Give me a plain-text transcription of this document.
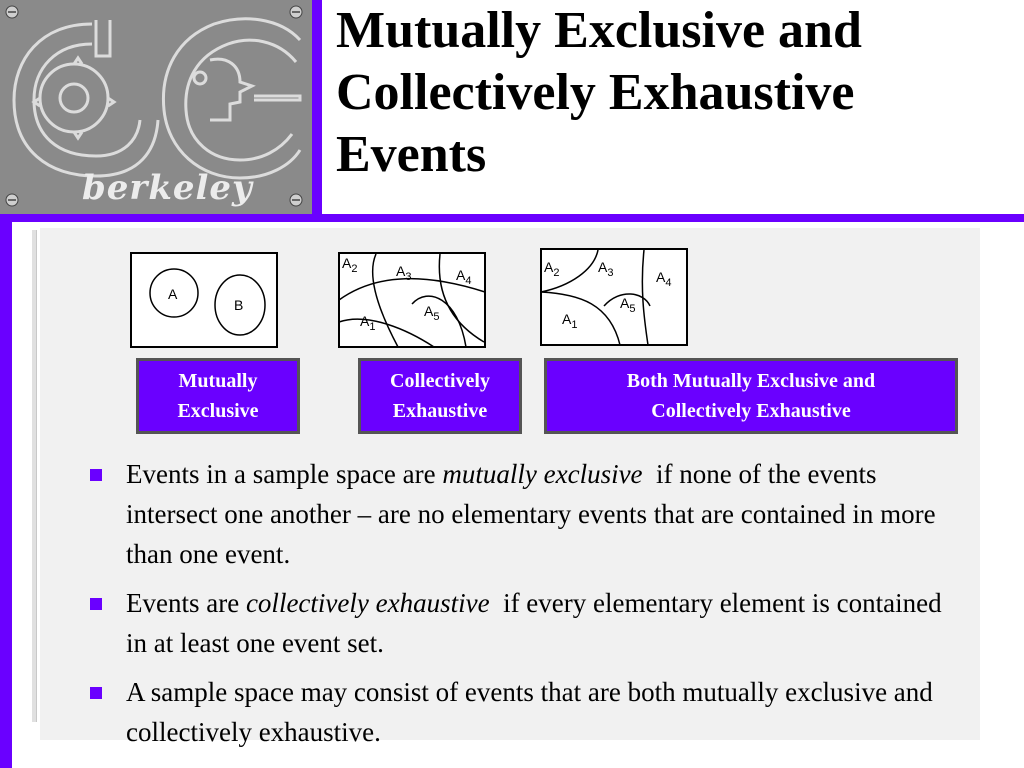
berkeley
Mutually Exclusive and Collectively Exhaustive Events
A
B
$A_2$	$A_3$	$A_4$
$A_5$
$A_1$
$A_2$	$A_3$	$A_4$
$A_5$
$A_1$
Mutually
Exclusive
Collectively
Exhaustive
Both Mutually Exclusive and
Collectively Exhaustive
Events in a sample space are mutually exclusive  if none of the events intersect one another – are no elementary events that are contained in more than one event.
Events are collectively exhaustive  if every elementary element is contained in at least one event set.
A sample space may consist of events that are both mutually exclusive and collectively exhaustive.
